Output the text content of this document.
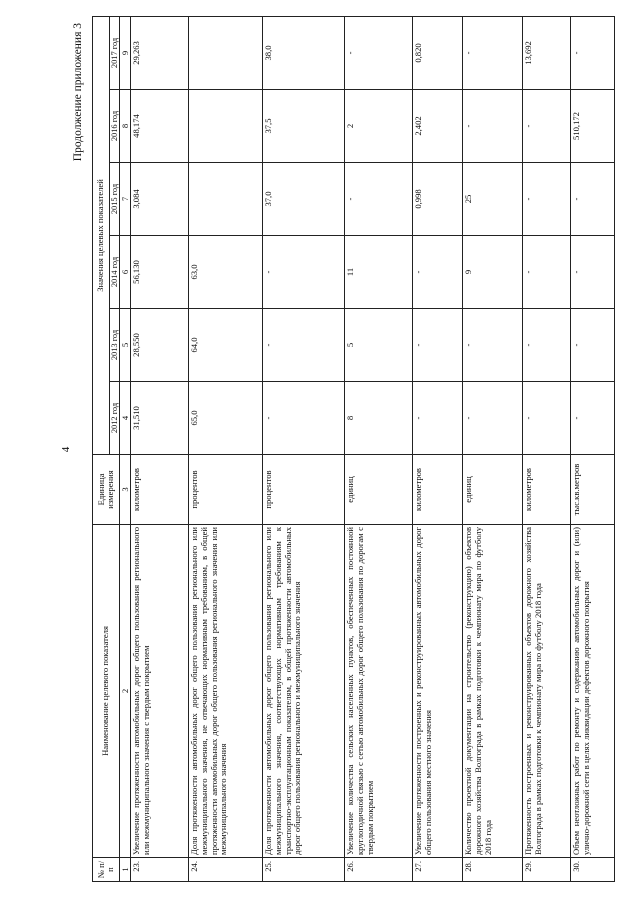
4
Продолжение приложения 3
№ п/п	Наименование целевого показателя	Единица измерения	Значения целевых показателей					
			2012 год	2013 год	2014 год	2015 год	2016 год	2017 год
1	2	3	4	5	6	7	8	9
23.	Увеличение протяженности автомобильных дорог общего пользования регионального или межмуниципального значения с твердым покрытием	километров	31,510	28,550	56,130	3,084	48,174	29,263
24.	Доля протяженности автомобильных дорог общего пользования регионального или межмуниципального значения, не отвечающих нормативным требованиям, в общей протяженности автомобильных дорог общего пользования регионального значения или межмуниципального значения	процентов	65,0	64,0	63,0			
25.	Доля протяженности автомобильных дорог общего пользования регионального или межмуниципального значения, соответствующих нормативным требованиям к транспортно-эксплуатационным показателям, в общей протяженности автомобильных дорог общего пользования регионального и межмуниципального значения	процентов	-	-	-	37,0	37,5	38,0
26.	Увеличение количества сельских населенных пунктов, обеспеченных постоянной круглогодичной связью с сетью автомобильных дорог общего пользования по дорогам с твердым покрытием	единиц	8	5	11	-	2	-
27.	Увеличение протяженности построенных и реконструированных автомобильных дорог общего пользования местного значения	километров	-	-	-	0,998	2,402	0,820
28.	Количество проектной документации на строительство (реконструкцию) объектов дорожного хозяйства Волгограда в рамках подготовки к чемпионату мира по футболу 2018 года	единиц	-	-	9	25	-	-
29.	Протяженность построенных и реконструированных объектов дорожного хозяйства Волгограда в рамках подготовки к чемпионату мира по футболу 2018 года	километров	-	-	-	-	-	13,692
30.	Объем неотложных работ по ремонту и содержанию автомобильных дорог и (или) улично-дорожной сети в целях ликвидации дефектов дорожного покрытия	тыс.кв.метров	-	-	-	-	510,172	-
